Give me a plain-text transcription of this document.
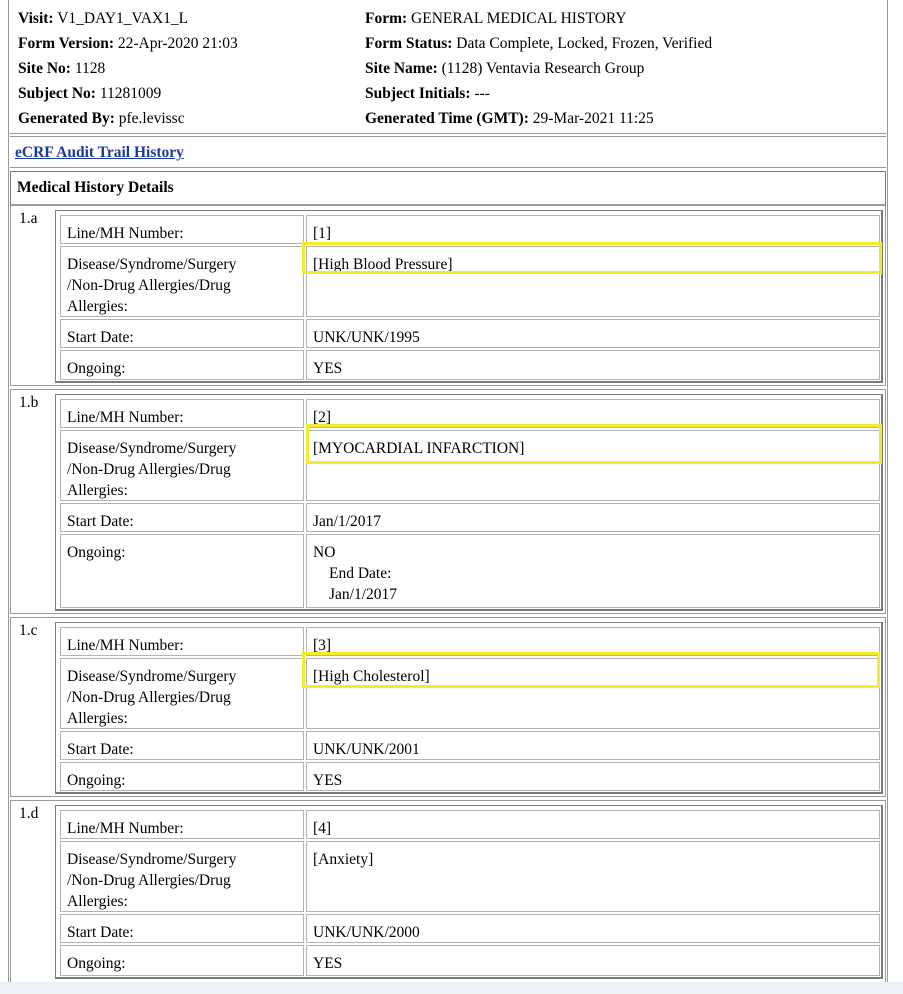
Visit: V1_DAY1_VAX1_L
Form Version: 22-Apr-2020 21:03
Site No: 1128
Subject No: 11281009
Generated By: pfe.levissc
Form: GENERAL MEDICAL HISTORY
Form Status: Data Complete, Locked, Frozen, Verified
Site Name: (1128) Ventavia Research Group
Subject Initials: ---
Generated Time (GMT): 29-Mar-2021 11:25
eCRF Audit Trail History
Medical History Details
1.a
Line/MH Number:	[1]
Disease/Syndrome/Surgery
/Non-Drug Allergies/Drug
Allergies:
[High Blood Pressure]
Start Date:	UNK/UNK/1995
Ongoing:	YES
1.b
Line/MH Number:	[2]
Disease/Syndrome/Surgery
/Non-Drug Allergies/Drug
Allergies:
[MYOCARDIAL INFARCTION]
Start Date:	Jan/1/2017
Ongoing:	NO
End Date:
Jan/1/2017
1.c
Line/MH Number:	[3]
Disease/Syndrome/Surgery
/Non-Drug Allergies/Drug
Allergies:
[High Cholesterol]
Start Date:	UNK/UNK/2001
Ongoing:	YES
1.d
Line/MH Number:	[4]
Disease/Syndrome/Surgery
/Non-Drug Allergies/Drug
Allergies:
[Anxiety]
Start Date:	UNK/UNK/2000
Ongoing:	YES
